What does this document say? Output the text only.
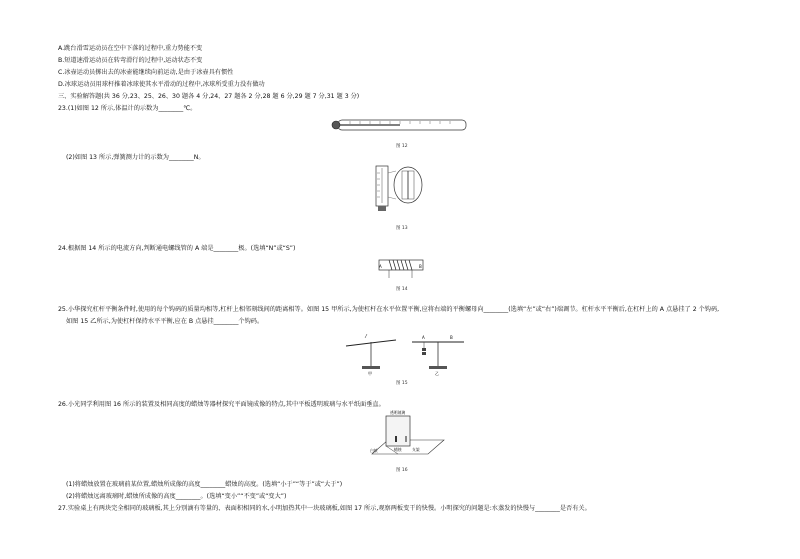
A.跳台滑雪运动员在空中下落的过程中,重力势能不变
B.短道速滑运动员在转弯滑行的过程中,运动状态不变
C.冰壶运动员掷出去的冰壶能继续向前运动,是由于冰壶具有惯性
D.冰球运动员用球杆推着冰球使其水平滑动的过程中,冰球所受重力没有做功
三、实验解答题(共 36 分,23、25、26、30 题各 4 分,24、27 题各 2 分,28 题 6 分,29 题 7 分,31 题 3 分)
23.(1)如图 12 所示,体温计的示数为________℃。
图 12
(2)如图 13 所示,弹簧测力计的示数为________N。
图 13
24.根据图 14 所示的电流方向,判断通电螺线管的 A 端是________极。(选填“N”或“S”)
A	B
图 14
25.小华探究杠杆平衡条件时,使用的每个钩码的质量均相等,杠杆上相邻刻线间的距离相等。如图 15 甲所示,为使杠杆在水平位置平衡,应将右端的平衡螺母向________(选填“左”或“右”)端调节。杠杆水平平衡后,在杠杆上的 A 点悬挂了 2 个钩码,
如图 15 乙所示,为使杠杆保持水平平衡,应在 B 点悬挂________个钩码。
A	B
甲	乙
图 15
26.小光同学利用图 16 所示的装置及相同高度的蜡烛等器材探究平面镜成像的特点,其中平板透明玻璃与水平纸面垂直。
透明玻璃
白纸	蜡烛	支架
图 16
(1)将蜡烛放置在玻璃前某位置,蜡烛所成像的高度________蜡烛的高度。(选填“小于”“等于”或“大于”)
(2)将蜡烛远离玻璃时,蜡烛所成像的高度________。(选填“变小”“不变”或“变大”)
27.实验桌上有两块完全相同的玻璃板,其上分别滴有等量的、表面积相同的水,小明加热其中一块玻璃板,如图 17 所示,观察两板变干的快慢。小明探究的问题是:水蒸发的快慢与________是否有关。
